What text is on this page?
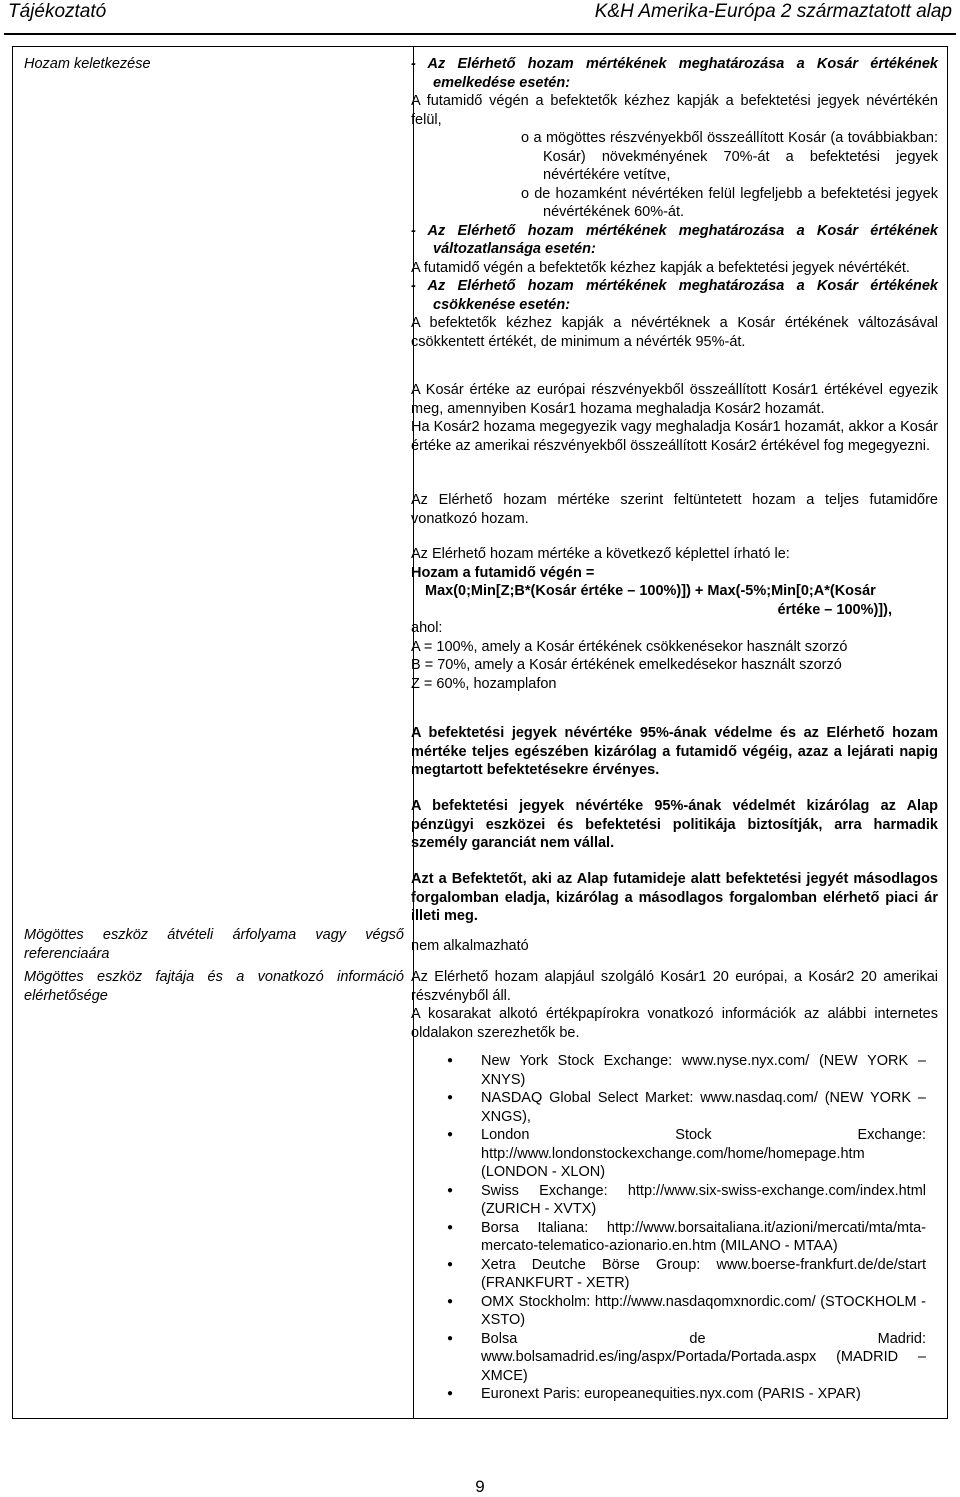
Tájékoztató	K&H Amerika-Európa 2 származtatott alap
Hozam keletkezése
Mögöttes eszköz átvételi árfolyama vagy végső referenciaára
Mögöttes eszköz fajtája és a vonatkozó információ elérhetősége

- Az Elérhető hozam mértékének meghatározása a Kosár értékének emelkedése esetén:

A futamidő végén a befektetők kézhez kapják a befektetési jegyek névértékén felül,

o a mögöttes részvényekből összeállított Kosár (a továbbiakban: Kosár) növekményének 70%-át a befektetési jegyek névértékére vetítve,

o de hozamként névértéken felül legfeljebb a befektetési jegyek névértékének 60%-át.

- Az Elérhető hozam mértékének meghatározása a Kosár értékének változatlansága esetén:

A futamidő végén a befektetők kézhez kapják a befektetési jegyek névértékét.

- Az Elérhető hozam mértékének meghatározása a Kosár értékének csökkenése esetén:

A befektetők kézhez kapják a névértéknek a Kosár értékének változásával csökkentett értékét, de minimum a névérték 95%-át.

A Kosár értéke az európai részvényekből összeállított Kosár1 értékével egyezik meg, amennyiben Kosár1 hozama meghaladja Kosár2 hozamát.

Ha Kosár2 hozama megegyezik vagy meghaladja Kosár1 hozamát, akkor a Kosár értéke az amerikai részvényekből összeállított Kosár2 értékével fog megegyezni.

Az Elérhető hozam mértéke szerint feltüntetett hozam a teljes futamidőre vonatkozó hozam.

Az Elérhető hozam mértéke a következő képlettel írható le:

Hozam a futamidő végén =

Max(0;Min[Z;B*(Kosár értéke – 100%)]) + Max(-5%;Min[0;A*(Kosár

értéke – 100%)]),

ahol:

A = 100%, amely a Kosár értékének csökkenésekor használt szorzó

B = 70%, amely a Kosár értékének emelkedésekor használt szorzó

Z = 60%, hozamplafon

A befektetési jegyek névértéke 95%-ának védelme és az Elérhető hozam mértéke teljes egészében kizárólag a futamidő végéig, azaz a lejárati napig megtartott befektetésekre érvényes.
A befektetési jegyek névértéke 95%-ának védelmét kizárólag az Alap pénzügyi eszközei és befektetési politikája biztosítják, arra harmadik személy garanciát nem vállal.
Azt a Befektetőt, aki az Alap futamideje alatt befektetési jegyét másodlagos forgalomban eladja, kizárólag a másodlagos forgalomban elérhető piaci ár illeti meg.
nem alkalmazható

Az Elérhető hozam alapjául szolgáló Kosár1 20 európai, a Kosár2 20 amerikai részvényből áll.

A kosarakat alkotó értékpapírokra vonatkozó információk az alábbi internetes oldalakon szerezhetők be.

● New York Stock Exchange: www.nyse.nyx.com/ (NEW YORK – XNYS)
● NASDAQ Global Select Market: www.nasdaq.com/ (NEW YORK – XNGS),
● London Stock Exchange: http://www.londonstockexchange.com/home/homepage.htm (LONDON - XLON)
● Swiss Exchange: http://www.six-swiss-exchange.com/index.html (ZURICH - XVTX)
● Borsa Italiana: http://www.borsaitaliana.it/azioni/mercati/mta/mta-mercato-telematico-azionario.en.htm (MILANO - MTAA)
● Xetra Deutche Börse Group: www.boerse-frankfurt.de/de/start (FRANKFURT - XETR)
● OMX Stockholm: http://www.nasdaqomxnordic.com/ (STOCKHOLM - XSTO)
● Bolsa de Madrid: www.bolsamadrid.es/ing/aspx/Portada/Portada.aspx (MADRID – XMCE)
● Euronext Paris: europeanequities.nyx.com (PARIS - XPAR)
9
